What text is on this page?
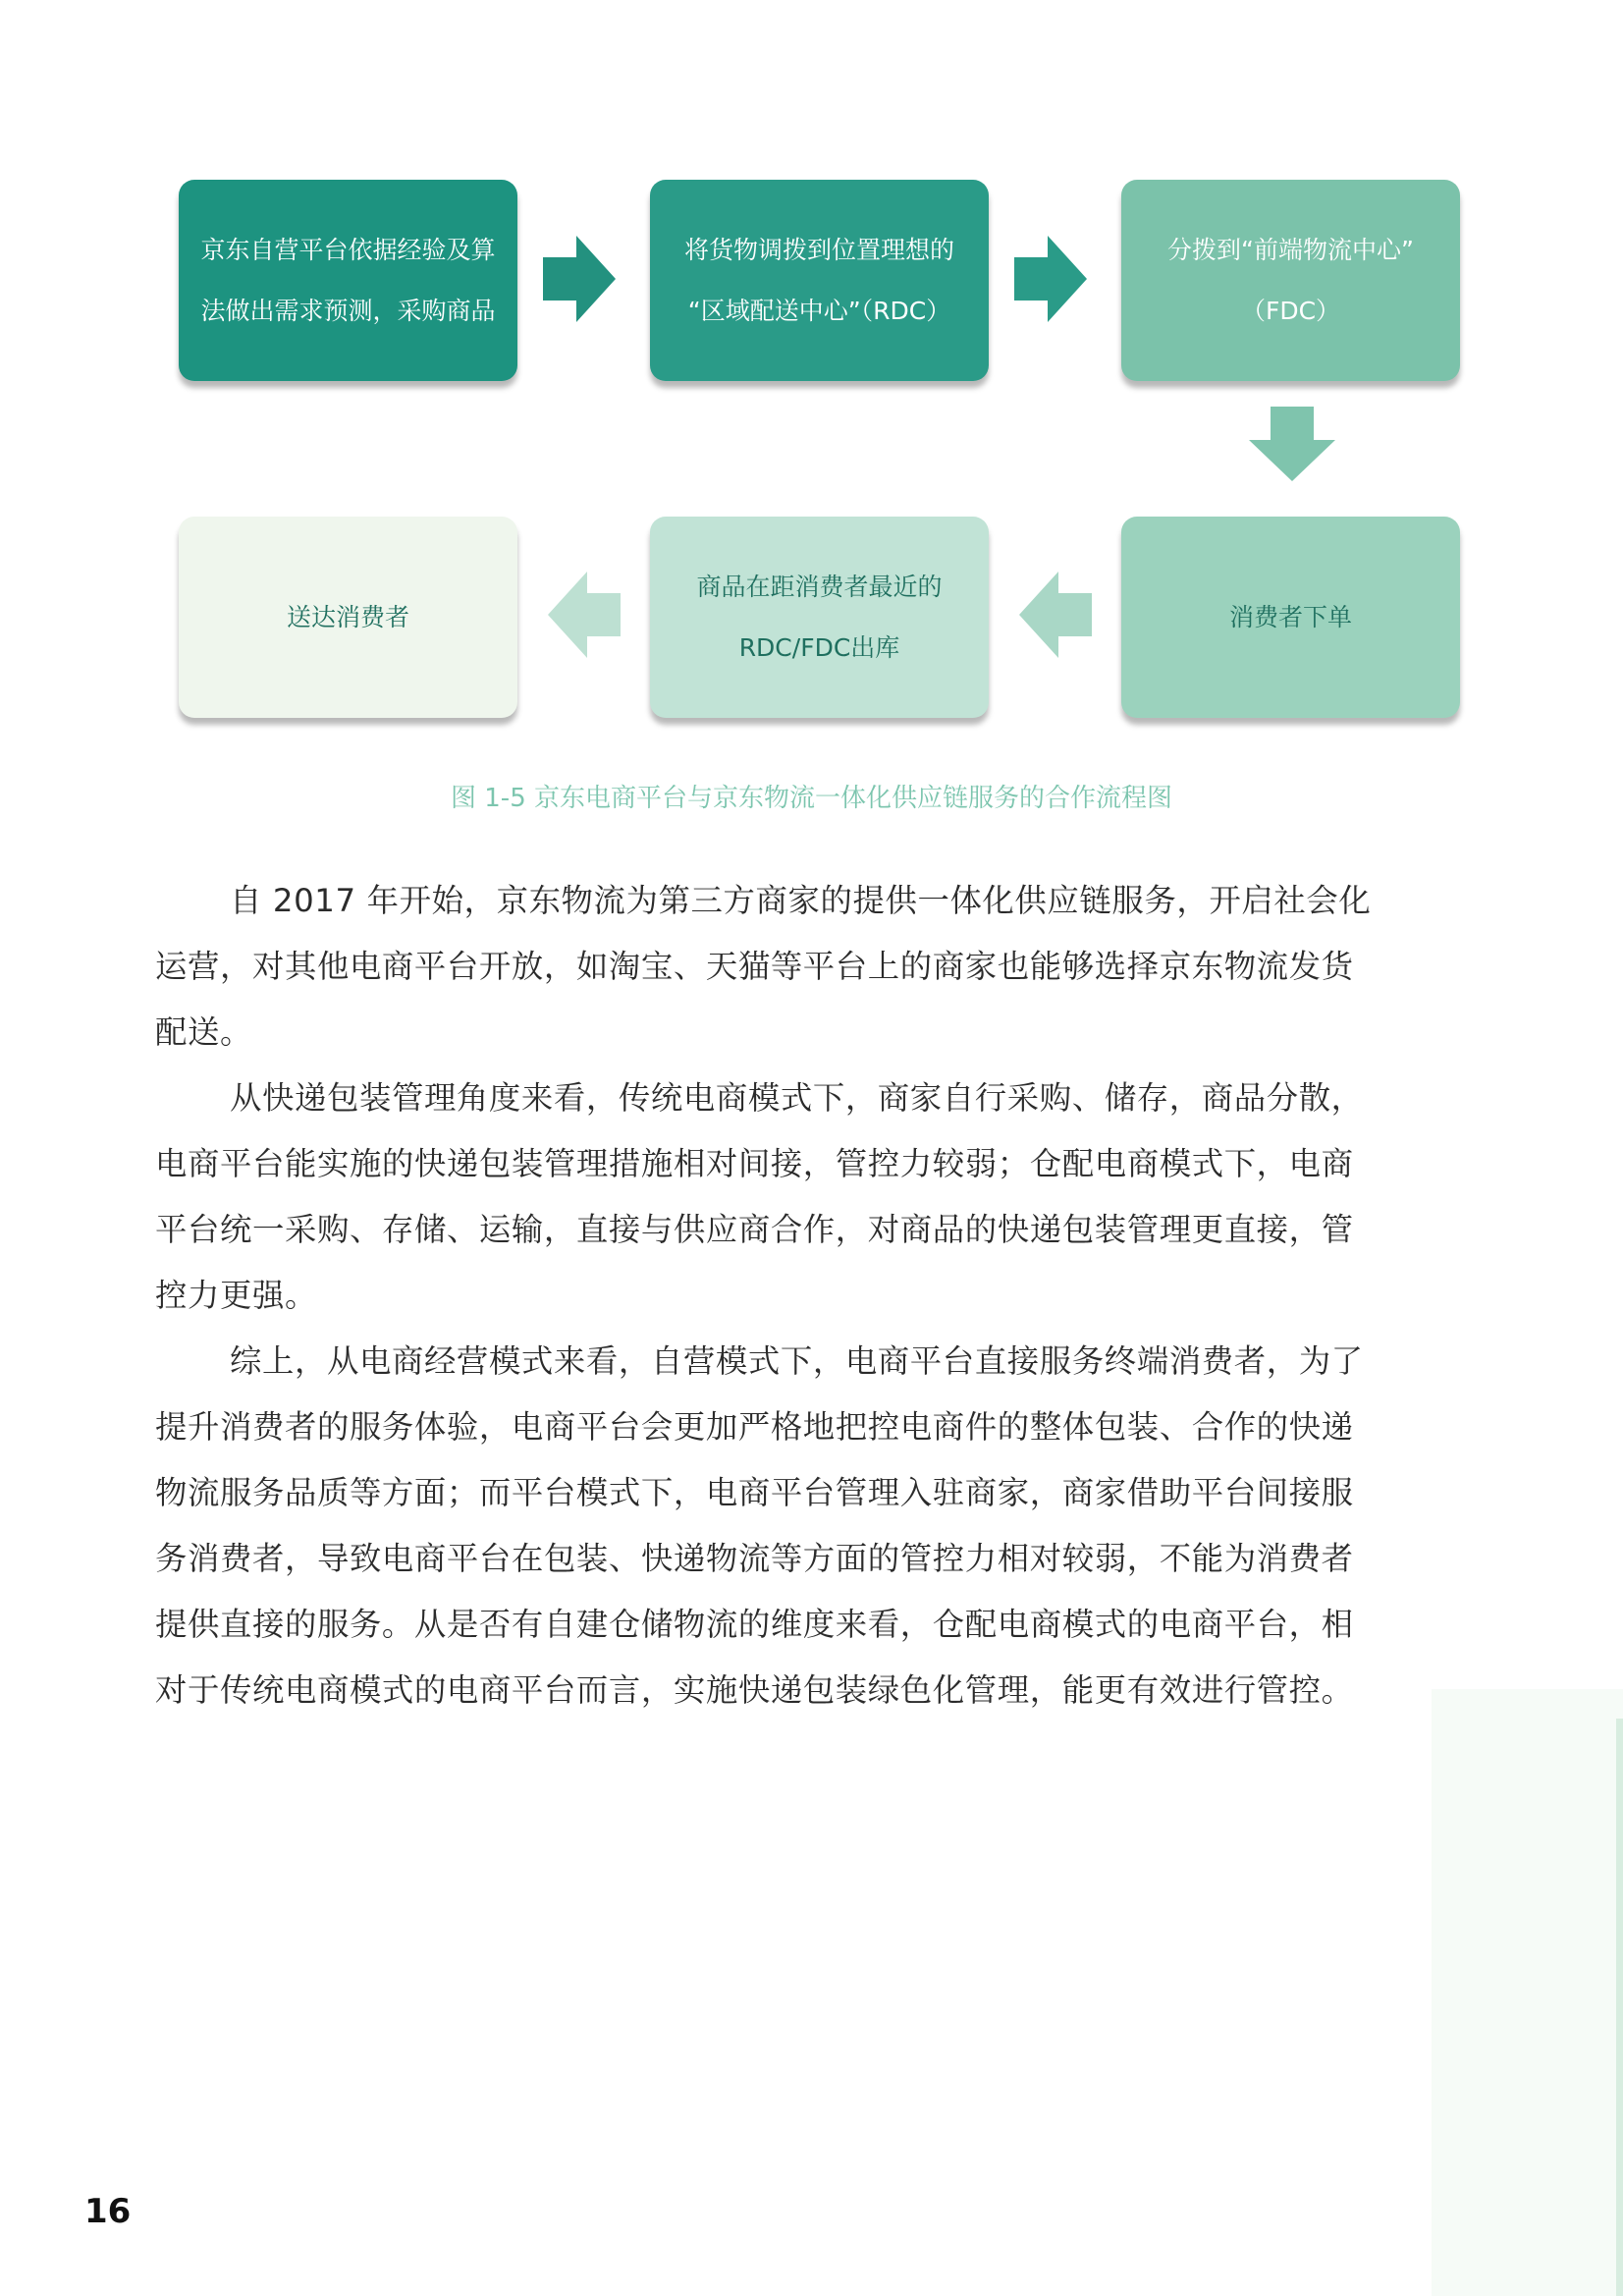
京东自营平台依据经验及算
法做出需求预测，采购商品
将货物调拨到位置理想的
“区域配送中心”（RDC）
分拨到“前端物流中心”
（FDC）
消费者下单
商品在距消费者最近的
RDC/FDC出库
送达消费者
图 1-5 京东电商平台与京东物流一体化供应链服务的合作流程图
自 2017 年开始，京东物流为第三方商家的提供一体化供应链服务，开启社会化
运营，对其他电商平台开放，如淘宝、天猫等平台上的商家也能够选择京东物流发货
配送。
从快递包装管理角度来看，传统电商模式下，商家自行采购、储存，商品分散，
电商平台能实施的快递包装管理措施相对间接，管控力较弱；仓配电商模式下，电商
平台统一采购、存储、运输，直接与供应商合作，对商品的快递包装管理更直接，管
控力更强。
综上，从电商经营模式来看，自营模式下，电商平台直接服务终端消费者，为了
提升消费者的服务体验，电商平台会更加严格地把控电商件的整体包装、合作的快递
物流服务品质等方面；而平台模式下，电商平台管理入驻商家，商家借助平台间接服
务消费者，导致电商平台在包装、快递物流等方面的管控力相对较弱，不能为消费者
提供直接的服务。从是否有自建仓储物流的维度来看，仓配电商模式的电商平台，相
对于传统电商模式的电商平台而言，实施快递包装绿色化管理，能更有效进行管控。
16
